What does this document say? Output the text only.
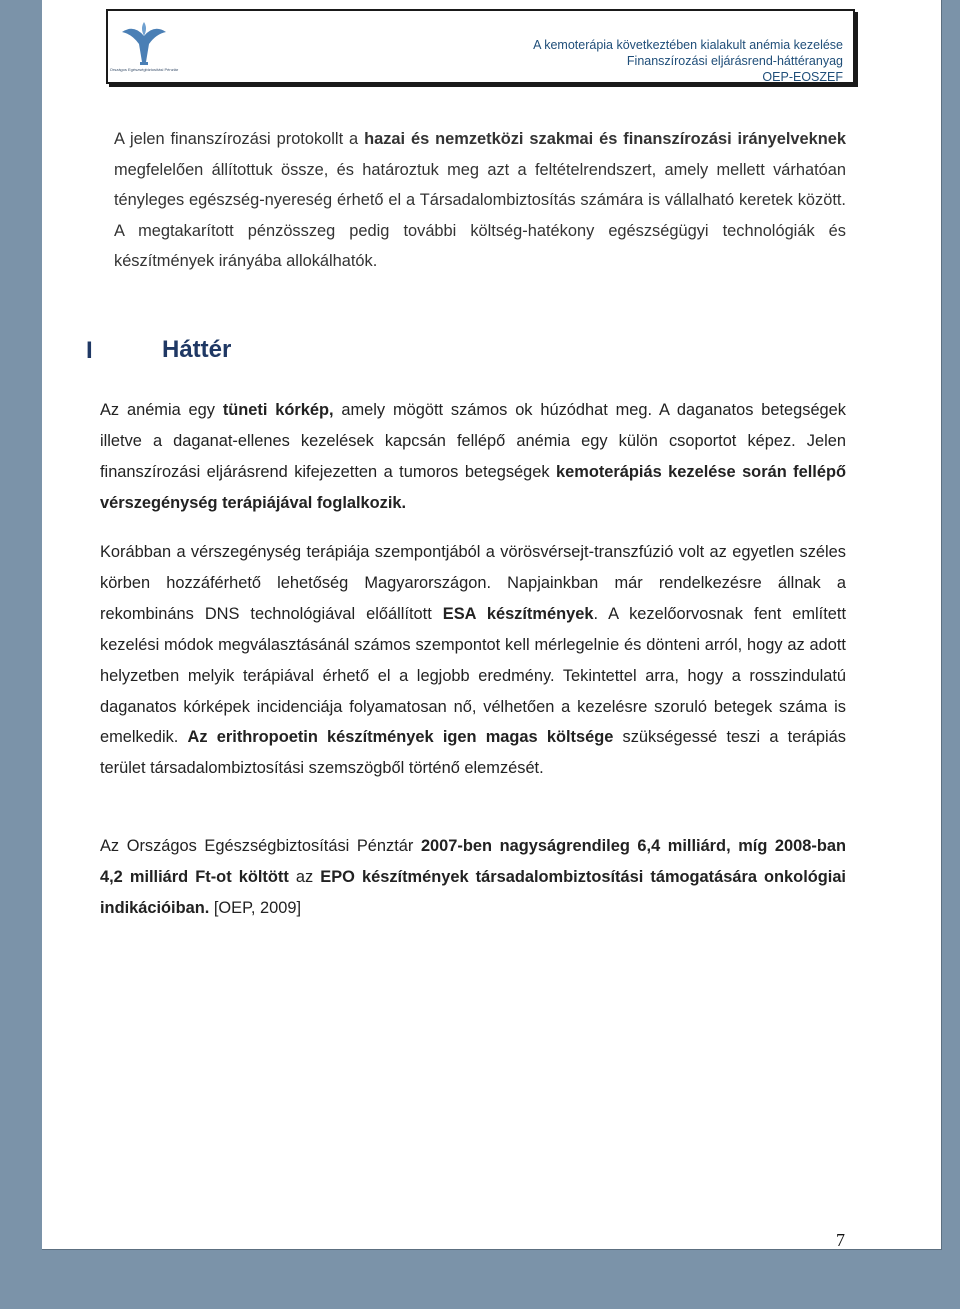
Országos Egészségbiztosítási Pénztár
A kemoterápia következtében kialakult anémia kezelése
Finanszírozási eljárásrend-háttéranyag
OEP-EOSZEF

A jelen finanszírozási protokollt a hazai és nemzetközi szakmai és finanszírozási irányelveknek megfelelően állítottuk össze, és határoztuk meg azt a feltételrendszert, amely mellett várhatóan tényleges egészség-nyereség érhető el a Társadalombiztosítás számára is vállalható keretek között. A megtakarított pénzösszeg pedig további költség-hatékony egészségügyi technológiák és készítmények irányába allokálhatók.

I	Háttér

Az anémia egy tüneti kórkép, amely mögött számos ok húzódhat meg. A daganatos betegségek illetve a daganat-ellenes kezelések kapcsán fellépő anémia egy külön csoportot képez. Jelen finanszírozási eljárásrend kifejezetten a tumoros betegségek kemoterápiás kezelése során fellépő vérszegénység terápiájával foglalkozik.

Korábban a vérszegénység terápiája szempontjából a vörösvérsejt-transzfúzió volt az egyetlen széles körben hozzáférhető lehetőség Magyarországon. Napjainkban már rendelkezésre állnak a rekombináns DNS technológiával előállított ESA készítmények. A kezelőorvosnak fent említett kezelési módok megválasztásánál számos szempontot kell mérlegelnie és dönteni arról, hogy az adott helyzetben melyik terápiával érhető el a legjobb eredmény. Tekintettel arra, hogy a rosszindulatú daganatos kórképek incidenciája folyamatosan nő, vélhetően a kezelésre szoruló betegek száma is emelkedik. Az erithropoetin készítmények igen magas költsége szükségessé teszi a terápiás terület társadalombiztosítási szemszögből történő elemzését.

Az Országos Egészségbiztosítási Pénztár 2007-ben nagyságrendileg 6,4 milliárd, míg 2008-ban 4,2 milliárd Ft-ot költött az EPO készítmények társadalombiztosítási támogatására onkológiai indikációiban. [OEP, 2009]

7
